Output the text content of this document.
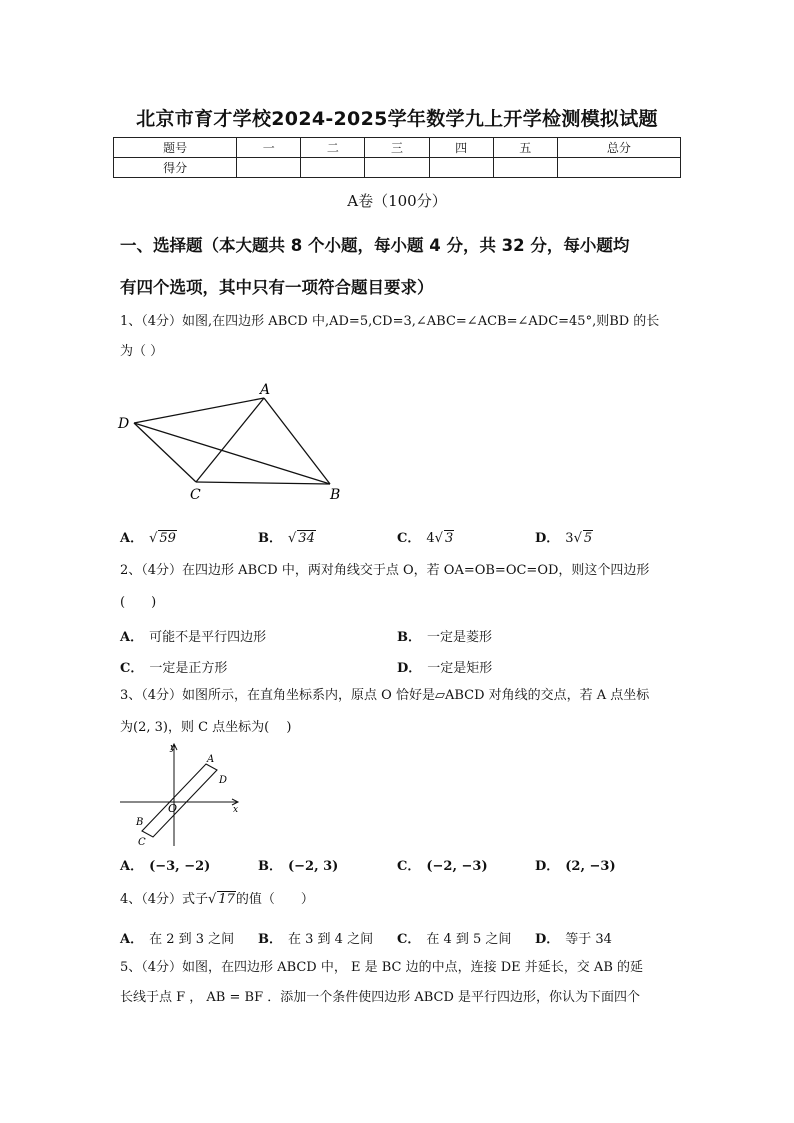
北京市育才学校2024-2025学年数学九上开学检测模拟试题
题号	一	二	三	四	五	总分
得分						
A卷（100分）
一、选择题（本大题共 8 个小题，每小题 4 分，共 32 分，每小题均
有四个选项，其中只有一项符合题目要求）
1、（4分）如图,在四边形 ABCD 中,AD=5,CD=3,∠ABC=∠ACB=∠ADC=45°,则BD 的长
为（ ）
A
B
C
D
A． √ 59	B． √ 34	C． 4√ 3	D． 3√ 5
2、（4分）在四边形 ABCD 中，两对角线交于点 O，若 OA=OB=OC=OD，则这个四边形
(　　)
A． 可能不是平行四边形	B． 一定是菱形
C． 一定是正方形	D． 一定是矩形
3、（4分）如图所示，在直角坐标系内，原点 O 恰好是▱ABCD 对角线的交点，若 A 点坐标
为(2, 3)，则 C 点坐标为(　 )
y
x
O
A
D
B
C
A． (−3, −2)	B． (−2, 3)	C． (−2, −3)	D． (2, −3)
4、（4分）式子√ 17的值（　　）
A． 在 2 到 3 之间 B． 在 3 到 4 之间 C． 在 4 到 5 之间 D． 等于 34
5、（4分）如图，在四边形 ABCD 中， E 是 BC 边的中点，连接 DE 并延长，交 AB 的延
长线于点 F ， AB = BF ．添加一个条件使四边形 ABCD 是平行四边形，你认为下面四个
